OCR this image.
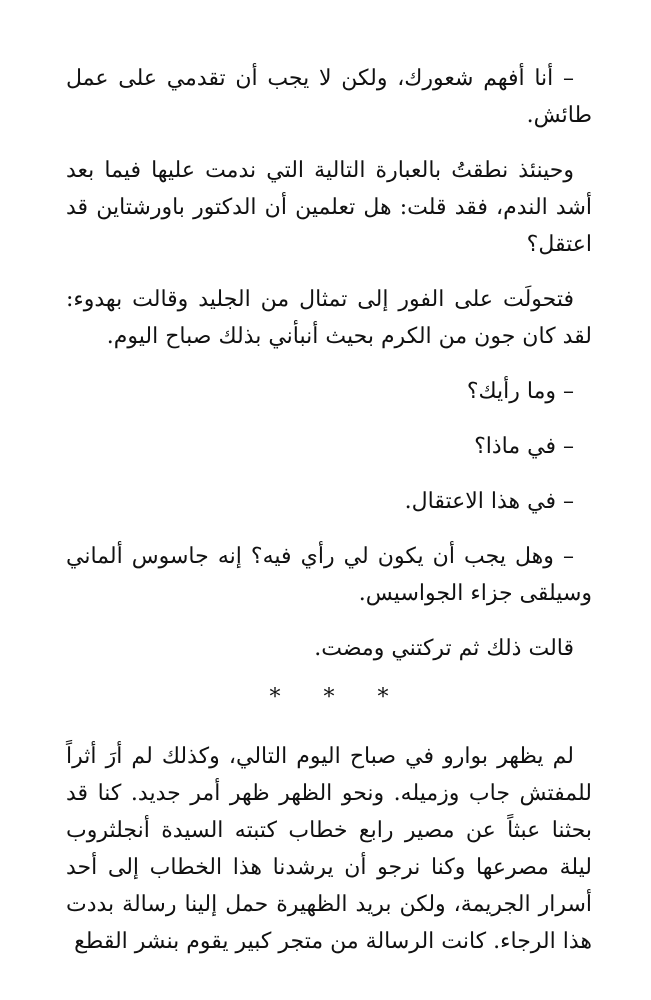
– أنا أفهم شعورك، ولكن لا يجب أن تقدمي على عمل طائش.

وحينئذ نطقتُ بالعبارة التالية التي ندمت عليها فيما بعد أشد الندم، فقد قلت: هل تعلمين أن الدكتور باورشتاين قد اعتقل؟

فتحولَت على الفور إلى تمثال من الجليد وقالت بهدوء: لقد كان جون من الكرم بحيث أنبأني بذلك صباح اليوم.

– وما رأيك؟

– في ماذا؟

– في هذا الاعتقال.

– وهل يجب أن يكون لي رأي فيه؟ إنه جاسوس ألماني وسيلقى جزاء الجواسيس.

قالت ذلك ثم تركتني ومضت.

* * *

لم يظهر بوارو في صباح اليوم التالي، وكذلك لم أرَ أثراً للمفتش جاب وزميله. ونحو الظهر ظهر أمر جديد. كنا قد بحثنا عبثاً عن مصير رابع خطاب كتبته السيدة أنجلثروب ليلة مصرعها وكنا نرجو أن يرشدنا هذا الخطاب إلى أحد أسرار الجريمة، ولكن بريد الظهيرة حمل إلينا رسالة بددت هذا الرجاء. كانت الرسالة من متجر كبير يقوم بنشر القطع
